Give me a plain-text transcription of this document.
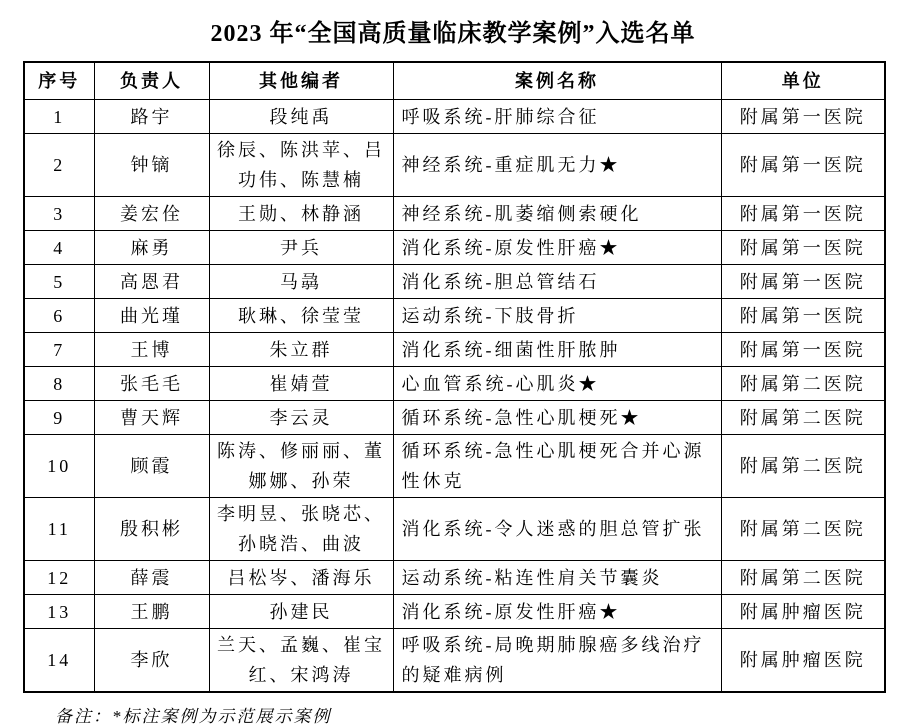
2023 年“全国高质量临床教学案例”入选名单
序号	负责人	其他编者	案例名称	单位
1	路宇	段纯禹	呼吸系统-肝肺综合征	附属第一医院
2	钟镝	徐辰、陈洪苹、吕功伟、陈慧楠	神经系统-重症肌无力★	附属第一医院
3	姜宏佺	王勋、林静涵	神经系统-肌萎缩侧索硬化	附属第一医院
4	麻勇	尹兵	消化系统-原发性肝癌★	附属第一医院
5	高恩君	马骉	消化系统-胆总管结石	附属第一医院
6	曲光瑾	耿琳、徐莹莹	运动系统-下肢骨折	附属第一医院
7	王博	朱立群	消化系统-细菌性肝脓肿	附属第一医院
8	张毛毛	崔婧萱	心血管系统-心肌炎★	附属第二医院
9	曹天辉	李云灵	循环系统-急性心肌梗死★	附属第二医院
10	顾霞	陈涛、修丽丽、董娜娜、孙荣	循环系统-急性心肌梗死合并心源性休克	附属第二医院
11	殷积彬	李明昱、张晓芯、孙晓浩、曲波	消化系统-令人迷惑的胆总管扩张	附属第二医院
12	薛震	吕松岑、潘海乐	运动系统-粘连性肩关节囊炎	附属第二医院
13	王鹏	孙建民	消化系统-原发性肝癌★	附属肿瘤医院
14	李欣	兰天、孟巍、崔宝红、宋鸿涛	呼吸系统-局晚期肺腺癌多线治疗的疑难病例	附属肿瘤医院

备注：*标注案例为示范展示案例
